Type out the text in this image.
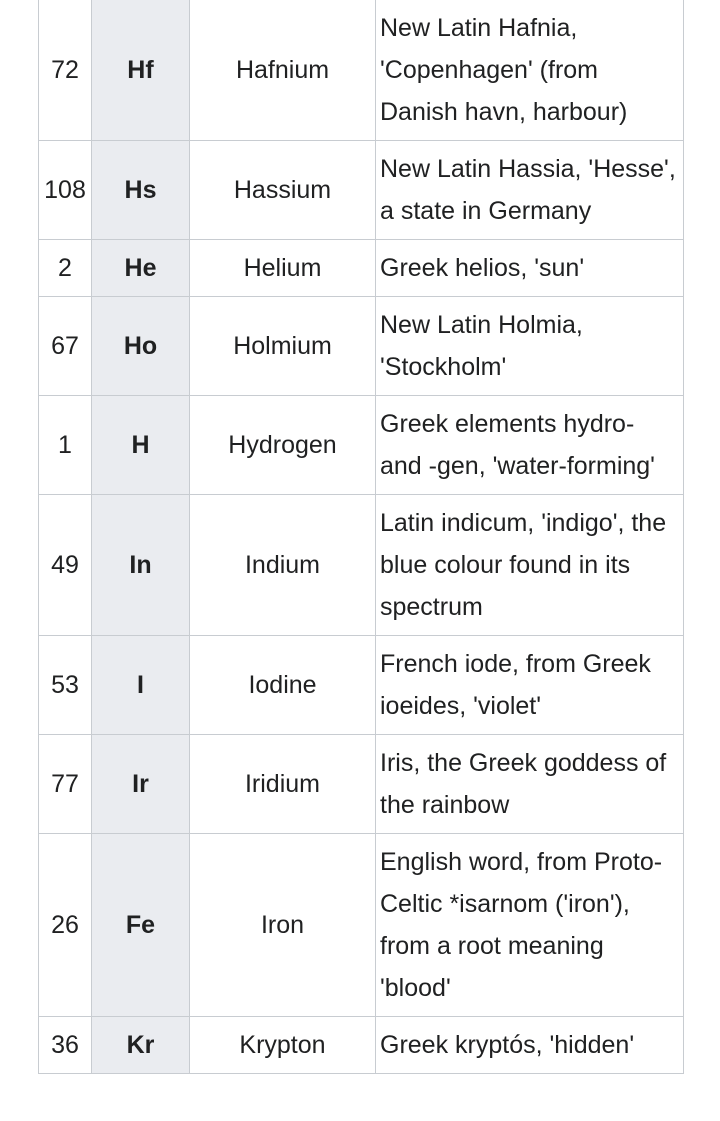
72	Hf	Hafnium	New Latin Hafnia, 'Copenhagen' (from Danish havn, harbour)
108	Hs	Hassium	New Latin Hassia, 'Hesse', a state in Germany
2	He	Helium	Greek helios, 'sun'
67	Ho	Holmium	New Latin Holmia, 'Stockholm'
1	H	Hydrogen	Greek elements hydro- and -gen, 'water-forming'
49	In	Indium	Latin indicum, 'indigo', the blue colour found in its spectrum
53	I	Iodine	French iode, from Greek ioeides, 'violet'
77	Ir	Iridium	Iris, the Greek goddess of the rainbow
26	Fe	Iron	English word, from Proto-Celtic *isarnom ('iron'), from a root meaning 'blood'
36	Kr	Krypton	Greek kryptós, 'hidden'
